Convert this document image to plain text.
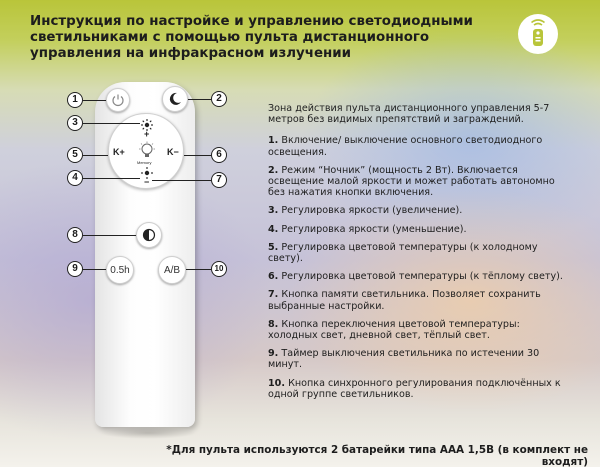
Инструкция по настройке и управлению светодиодными светильниками с помощью пульта дистанционного управления на инфракрасном излучении
+
K+	K−
Memory
−
0.5h	A/B
1	2
3
5	6
4	7
8
9	10

Зона действия пульта дистанционного управления 5-7 метров без видимых препятствий и заграждений.

1. Включение/ выключение основного светодиодного освещения.

2. Режим “Ночник” (мощность 2 Вт). Включается освещение малой яркости и может работать автономно без нажатия кнопки включения.

3. Регулировка яркости (увеличение).

4. Регулировка яркости (уменьшение).

5. Регулировка цветовой температуры (к холодному свету).

6. Регулировка цветовой температуры (к тёплому свету).

7. Кнопка памяти светильника. Позволяет сохранить выбранные настройки.

8. Кнопка переключения цветовой температуры: холодных свет, дневной свет, тёплый свет.

9. Таймер выключения светильника по истечении 30 минут.

10. Кнопка синхронного регулирования подключённых к одной группе светильников.

*Для пульта используются 2 батарейки типа ААА 1,5В (в комплект не входят)
